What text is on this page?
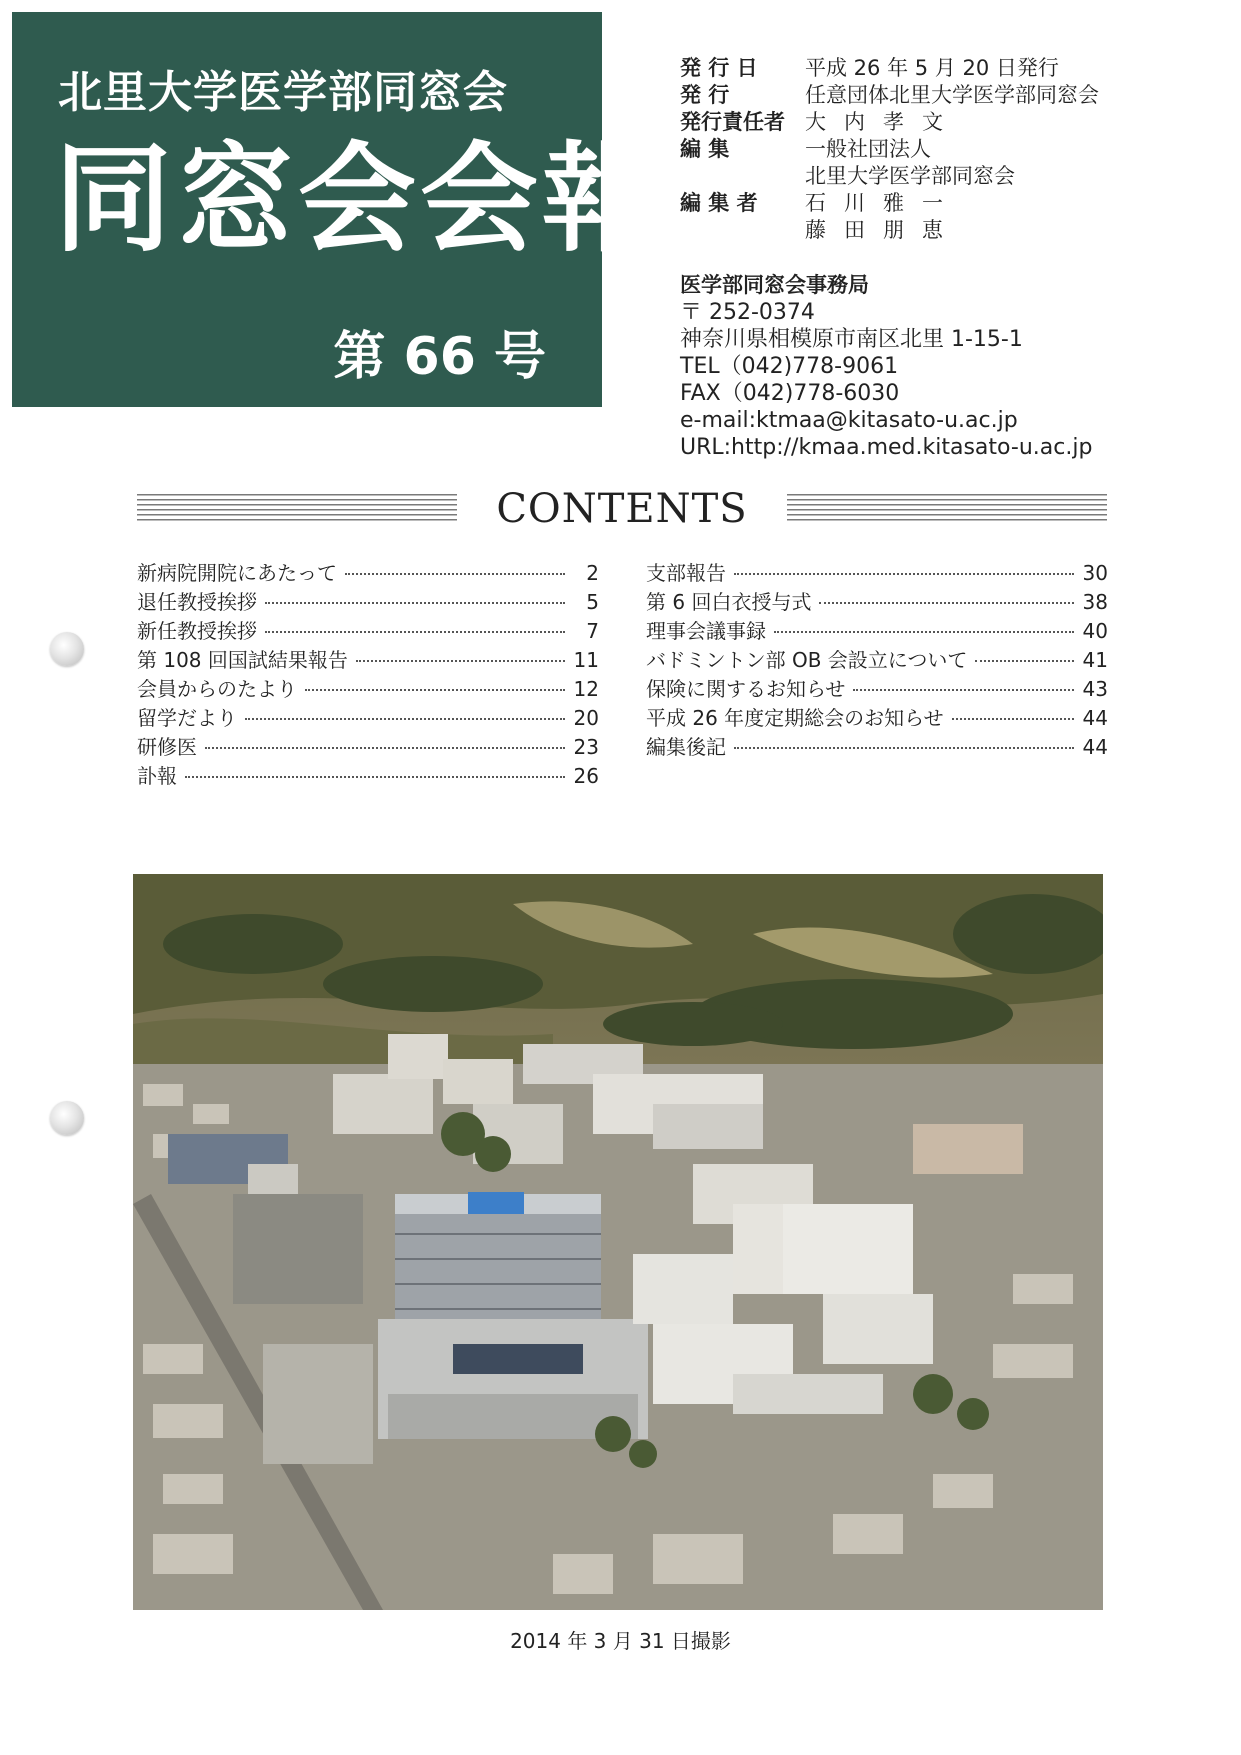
北里大学医学部同窓会
同窓会会報
第 66 号
発 行 日	平成 26 年 5 月 20 日発行
発 行	任意団体北里大学医学部同窓会
発行責任者 大内孝文
編 集	一般社団法人
北里大学医学部同窓会
編 集 者	石川雅一
藤田朋恵
医学部同窓会事務局
〒 252-0374
神奈川県相模原市南区北里 1-15-1
TEL（042)778-9061
FAX（042)778-6030
e-mail:ktmaa@kitasato-u.ac.jp
URL:http://kmaa.med.kitasato-u.ac.jp
CONTENTS
新病院開院にあたって	2
退任教授挨拶	5
新任教授挨拶	7
第 108 回国試結果報告	11
会員からのたより	12
留学だより	20
研修医	23
訃報	26
支部報告	30
第 6 回白衣授与式	38
理事会議事録	40
バドミントン部 OB 会設立について	41
保険に関するお知らせ	43
平成 26 年度定期総会のお知らせ	44
編集後記	44
2014 年 3 月 31 日撮影
